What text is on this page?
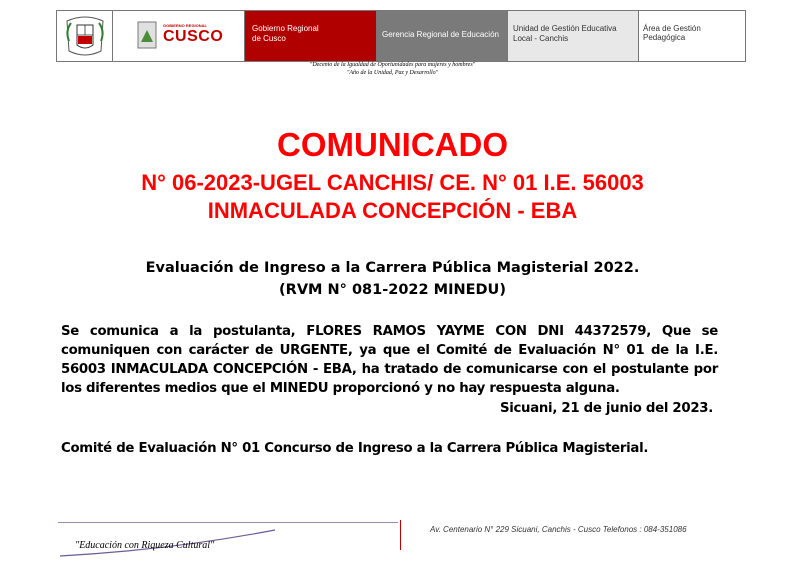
GOBIERNO REGIONAL
CUSCO	Gobierno Regional
de Cusco	Gerencia Regional de Educación
Unidad de Gestión Educativa
Local - Canchis
Área de Gestión Pedagógica
"Decenio de la Igualdad de Oportunidades para mujeres y hombres"
"Año de la Unidad, Paz y Desarrollo"
COMUNICADO
N° 06-2023-UGEL CANCHIS/ CE. N° 01 I.E. 56003
INMACULADA CONCEPCIÓN - EBA
Evaluación de Ingreso a la Carrera Pública Magisterial 2022.
(RVM N° 081-2022 MINEDU)
Se comunica a la postulanta, FLORES RAMOS YAYME CON DNI 44372579, Que se comuniquen con carácter de URGENTE, ya que el Comité de Evaluación N° 01 de la I.E. 56003 INMACULADA CONCEPCIÓN - EBA, ha tratado de comunicarse con el postulante por los diferentes medios que el MINEDU proporcionó y no hay respuesta alguna.
Sicuani, 21 de junio del 2023.
Comité de Evaluación N° 01 Concurso de Ingreso a la Carrera Pública Magisterial.
"Educación con Riqueza Cultural"
Av. Centenario N° 229 Sicuani, Canchis - Cusco Telefonos : 084-351086
